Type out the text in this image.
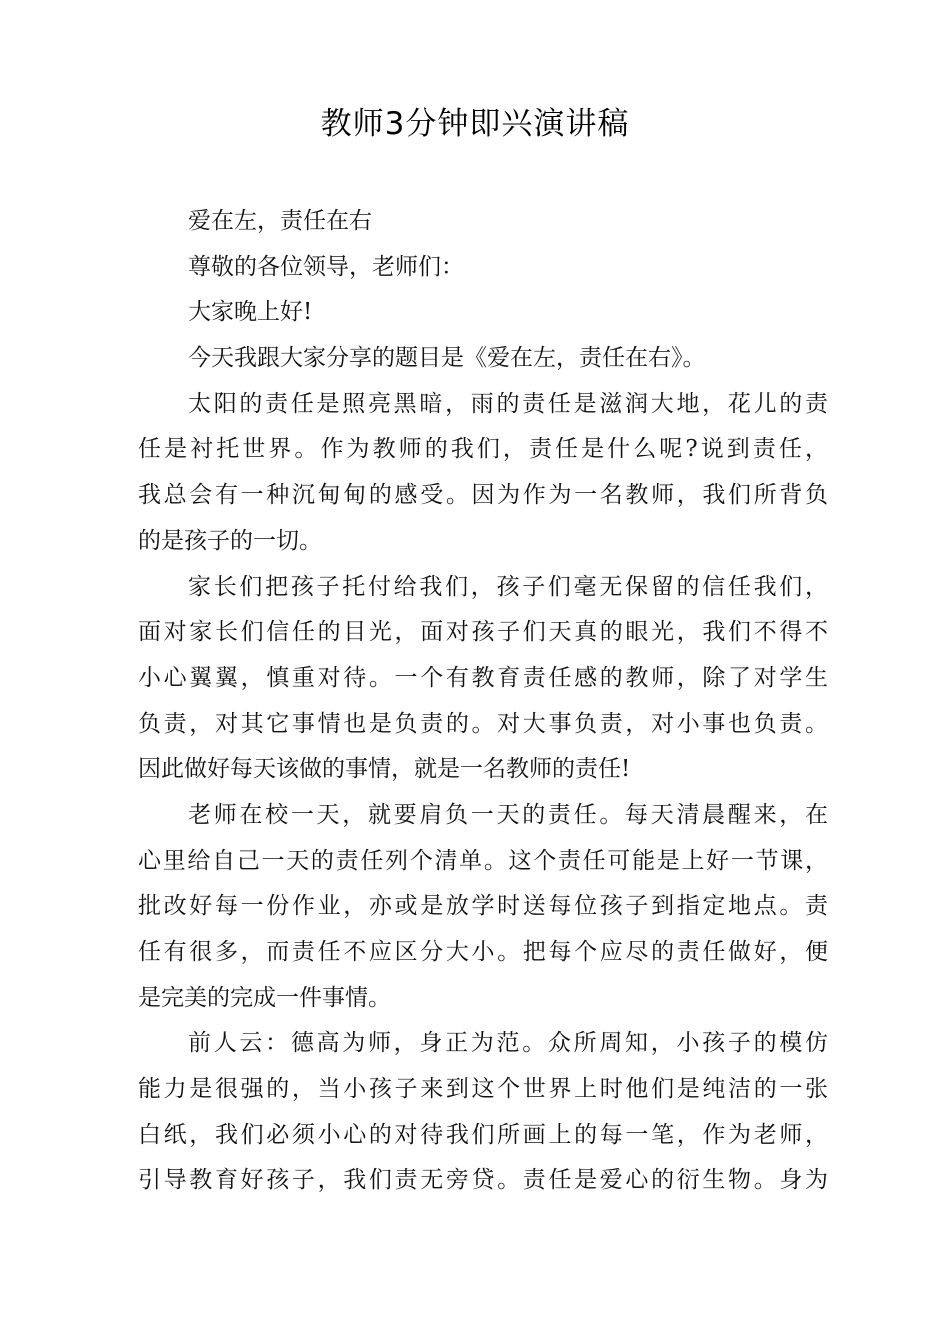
教师3分钟即兴演讲稿
爱在左，责任在右
尊敬的各位领导，老师们：
大家晚上好!
今天我跟大家分享的题目是《爱在左，责任在右》。
太阳的责任是照亮黑暗，雨的责任是滋润大地，花儿的责
任是衬托世界。作为教师的我们，责任是什么呢?说到责任，
我总会有一种沉甸甸的感受。因为作为一名教师，我们所背负
的是孩子的一切。
家长们把孩子托付给我们，孩子们毫无保留的信任我们，
面对家长们信任的目光，面对孩子们天真的眼光，我们不得不
小心翼翼，慎重对待。一个有教育责任感的教师，除了对学生
负责，对其它事情也是负责的。对大事负责，对小事也负责。
因此做好每天该做的事情，就是一名教师的责任!
老师在校一天，就要肩负一天的责任。每天清晨醒来，在
心里给自己一天的责任列个清单。这个责任可能是上好一节课，
批改好每一份作业，亦或是放学时送每位孩子到指定地点。责
任有很多，而责任不应区分大小。把每个应尽的责任做好，便
是完美的完成一件事情。
前人云：德高为师，身正为范。众所周知，小孩子的模仿
能力是很强的，当小孩子来到这个世界上时他们是纯洁的一张
白纸，我们必须小心的对待我们所画上的每一笔，作为老师，
引导教育好孩子，我们责无旁贷。责任是爱心的衍生物。身为
